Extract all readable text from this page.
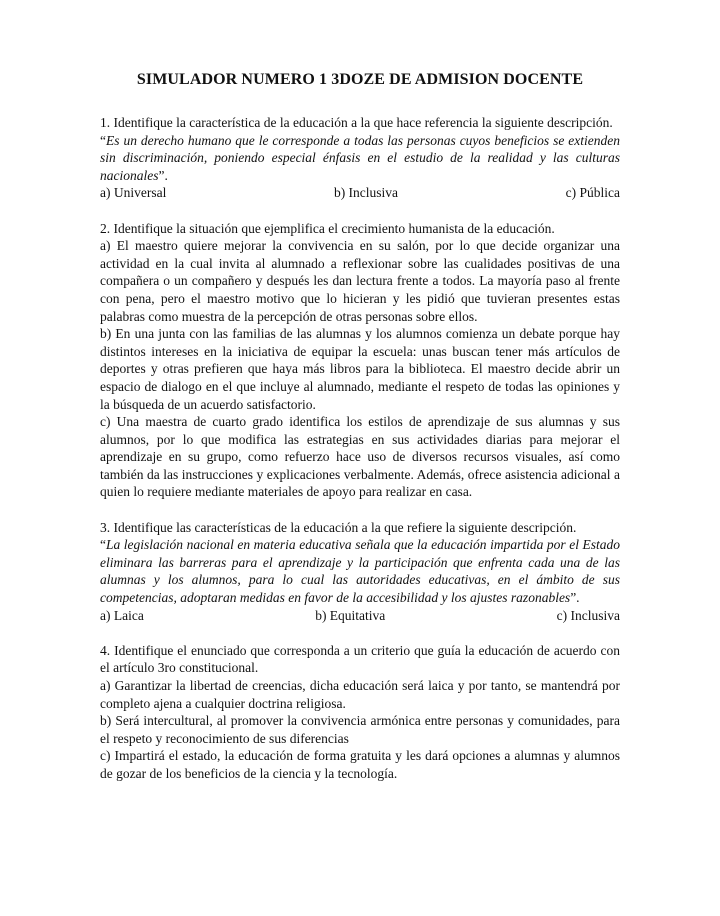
SIMULADOR NUMERO 1 3DOZE DE ADMISION DOCENTE

1. Identifique la característica de la educación a la que hace referencia la siguiente descripción.

“Es un derecho humano que le corresponde a todas las personas cuyos beneficios se extienden sin discriminación, poniendo especial énfasis en el estudio de la realidad y las culturas nacionales”.

a) Universal	b) Inclusiva	c) Pública

2. Identifique la situación que ejemplifica el crecimiento humanista de la educación.

a) El maestro quiere mejorar la convivencia en su salón, por lo que decide organizar una actividad en la cual invita al alumnado a reflexionar sobre las cualidades positivas de una compañera o un compañero y después les dan lectura frente a todos. La mayoría paso al frente con pena, pero el maestro motivo que lo hicieran y les pidió que tuvieran presentes estas palabras como muestra de la percepción de otras personas sobre ellos.

b) En una junta con las familias de las alumnas y los alumnos comienza un debate porque hay distintos intereses en la iniciativa de equipar la escuela: unas buscan tener más artículos de deportes y otras prefieren que haya más libros para la biblioteca. El maestro decide abrir un espacio de dialogo en el que incluye al alumnado, mediante el respeto de todas las opiniones y la búsqueda de un acuerdo satisfactorio.

c) Una maestra de cuarto grado identifica los estilos de aprendizaje de sus alumnas y sus alumnos, por lo que modifica las estrategias en sus actividades diarias para mejorar el aprendizaje en su grupo, como refuerzo hace uso de diversos recursos visuales, así como también da las instrucciones y explicaciones verbalmente. Además, ofrece asistencia adicional a quien lo requiere mediante materiales de apoyo para realizar en casa.

3. Identifique las características de la educación a la que refiere la siguiente descripción.

“La legislación nacional en materia educativa señala que la educación impartida por el Estado eliminara las barreras para el aprendizaje y la participación que enfrenta cada una de las alumnas y los alumnos, para lo cual las autoridades educativas, en el ámbito de sus competencias, adoptaran medidas en favor de la accesibilidad y los ajustes razonables”.

a) Laica	b) Equitativa	c) Inclusiva

4. Identifique el enunciado que corresponda a un criterio que guía la educación de acuerdo con el artículo 3ro constitucional.

a) Garantizar la libertad de creencias, dicha educación será laica y por tanto, se mantendrá por completo ajena a cualquier doctrina religiosa.

b) Será intercultural, al promover la convivencia armónica entre personas y comunidades, para el respeto y reconocimiento de sus diferencias

c) Impartirá el estado, la educación de forma gratuita y les dará opciones a alumnas y alumnos de gozar de los beneficios de la ciencia y la tecnología.
